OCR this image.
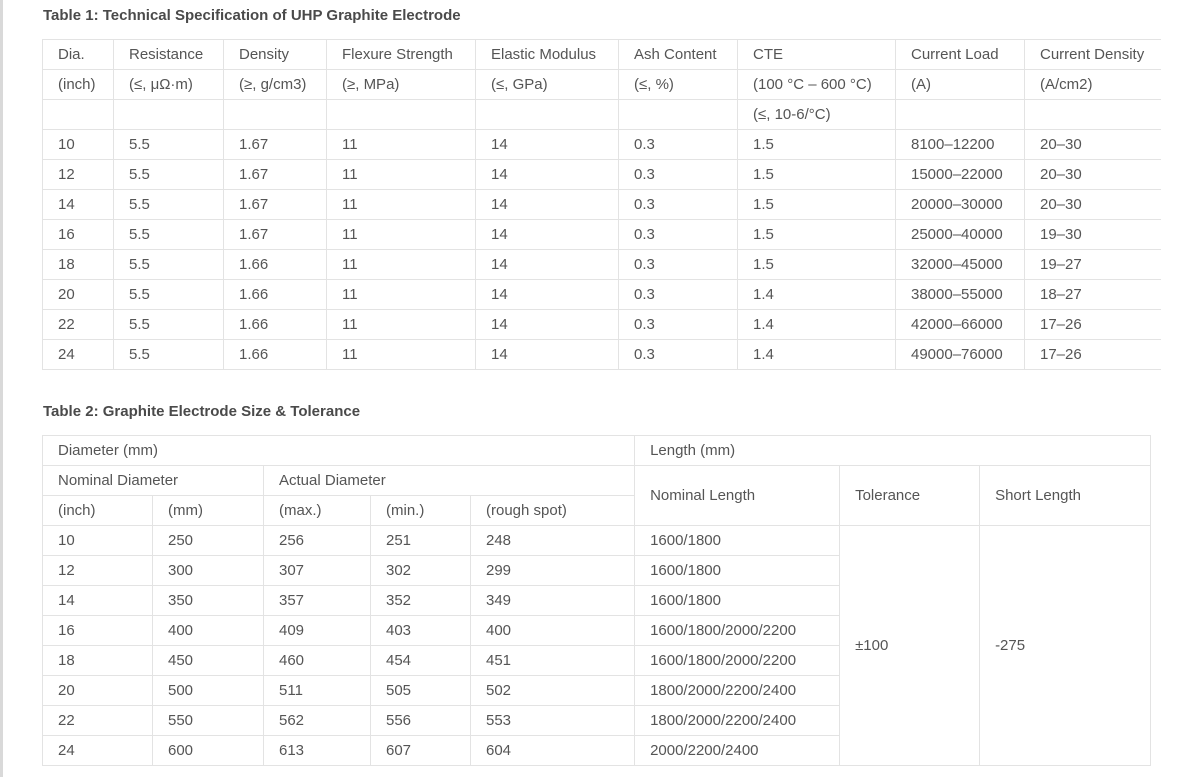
Table 1: Technical Specification of UHP Graphite Electrode
Dia.	Resistance	Density	Flexure Strength	Elastic Modulus	Ash Content	CTE	Current Load	Current Density
(inch)	(≤, μΩ·m)	(≥, g/cm3)	(≥, MPa)	(≤, GPa)	(≤, %)	(100 °C – 600 °C)	(A)	(A/cm2)
						(≤, 10-6/°C)		
10	5.5	1.67	11	14	0.3	1.5	8100–12200	20–30
12	5.5	1.67	11	14	0.3	1.5	15000–22000	20–30
14	5.5	1.67	11	14	0.3	1.5	20000–30000	20–30
16	5.5	1.67	11	14	0.3	1.5	25000–40000	19–30
18	5.5	1.66	11	14	0.3	1.5	32000–45000	19–27
20	5.5	1.66	11	14	0.3	1.4	38000–55000	18–27
22	5.5	1.66	11	14	0.3	1.4	42000–66000	17–26
24	5.5	1.66	11	14	0.3	1.4	49000–76000	17–26
Table 2: Graphite Electrode Size & Tolerance
Diameter (mm)					Length (mm)		
Nominal Diameter		Actual Diameter			Nominal Length	Tolerance	Short Length
(inch)	(mm)	(max.)	(min.)	(rough spot)			
10	250	256	251	248	1600/1800	±100	-275
12	300	307	302	299	1600/1800		
14	350	357	352	349	1600/1800		
16	400	409	403	400	1600/1800/2000/2200		
18	450	460	454	451	1600/1800/2000/2200		
20	500	511	505	502	1800/2000/2200/2400		
22	550	562	556	553	1800/2000/2200/2400		
24	600	613	607	604	2000/2200/2400		
